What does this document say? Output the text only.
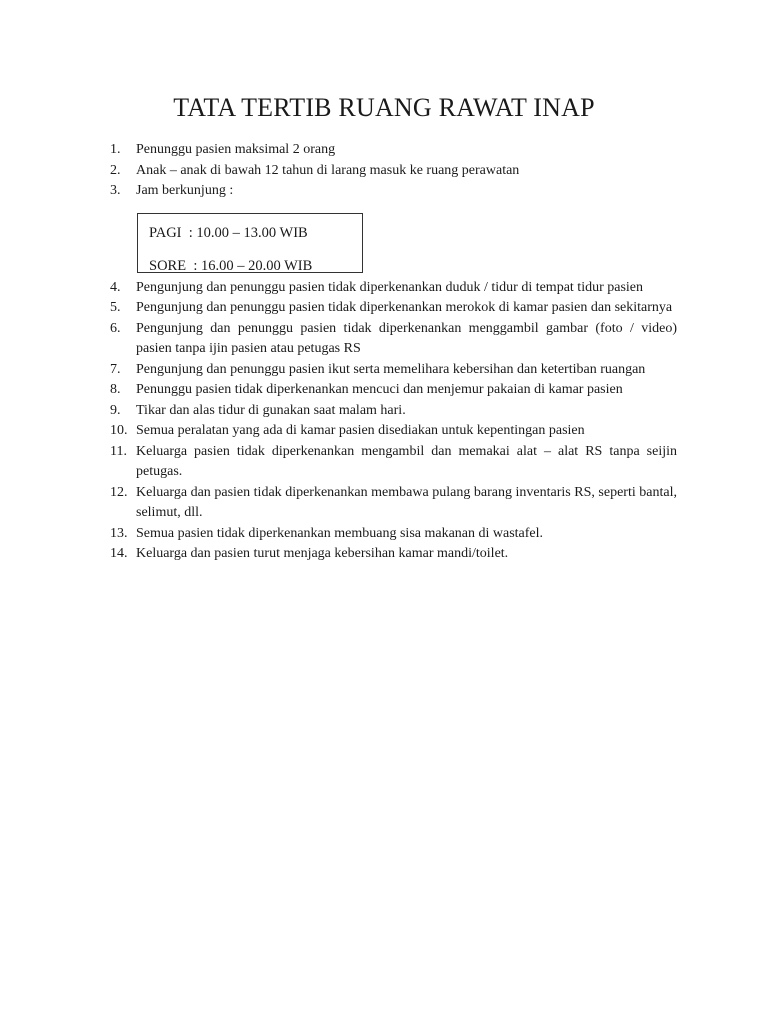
TATA TERTIB RUANG RAWAT INAP
1. Penunggu pasien maksimal 2 orang
2. Anak – anak di bawah 12 tahun di larang masuk ke ruang perawatan
3. Jam berkunjung :
PAGI  : 10.00 – 13.00 WIB
SORE  : 16.00 – 20.00 WIB
4. Pengunjung dan penunggu pasien tidak diperkenankan duduk / tidur di tempat tidur pasien
5. Pengunjung dan penunggu pasien tidak diperkenankan merokok di kamar pasien dan sekitarnya
6. Pengunjung dan penunggu pasien tidak diperkenankan menggambil gambar (foto / video) pasien tanpa ijin pasien atau petugas RS
7. Pengunjung dan penunggu pasien ikut serta memelihara kebersihan dan ketertiban ruangan
8. Penunggu pasien tidak diperkenankan mencuci dan menjemur pakaian di kamar pasien
9. Tikar dan alas tidur di gunakan saat malam hari.
10. Semua peralatan yang ada di kamar pasien disediakan untuk kepentingan pasien
11. Keluarga pasien tidak diperkenankan mengambil dan memakai alat – alat RS tanpa seijin petugas.
12. Keluarga dan pasien tidak diperkenankan membawa pulang barang inventaris RS, seperti bantal, selimut, dll.
13. Semua pasien tidak diperkenankan membuang sisa makanan di wastafel.
14. Keluarga dan pasien turut menjaga kebersihan kamar mandi/toilet.
